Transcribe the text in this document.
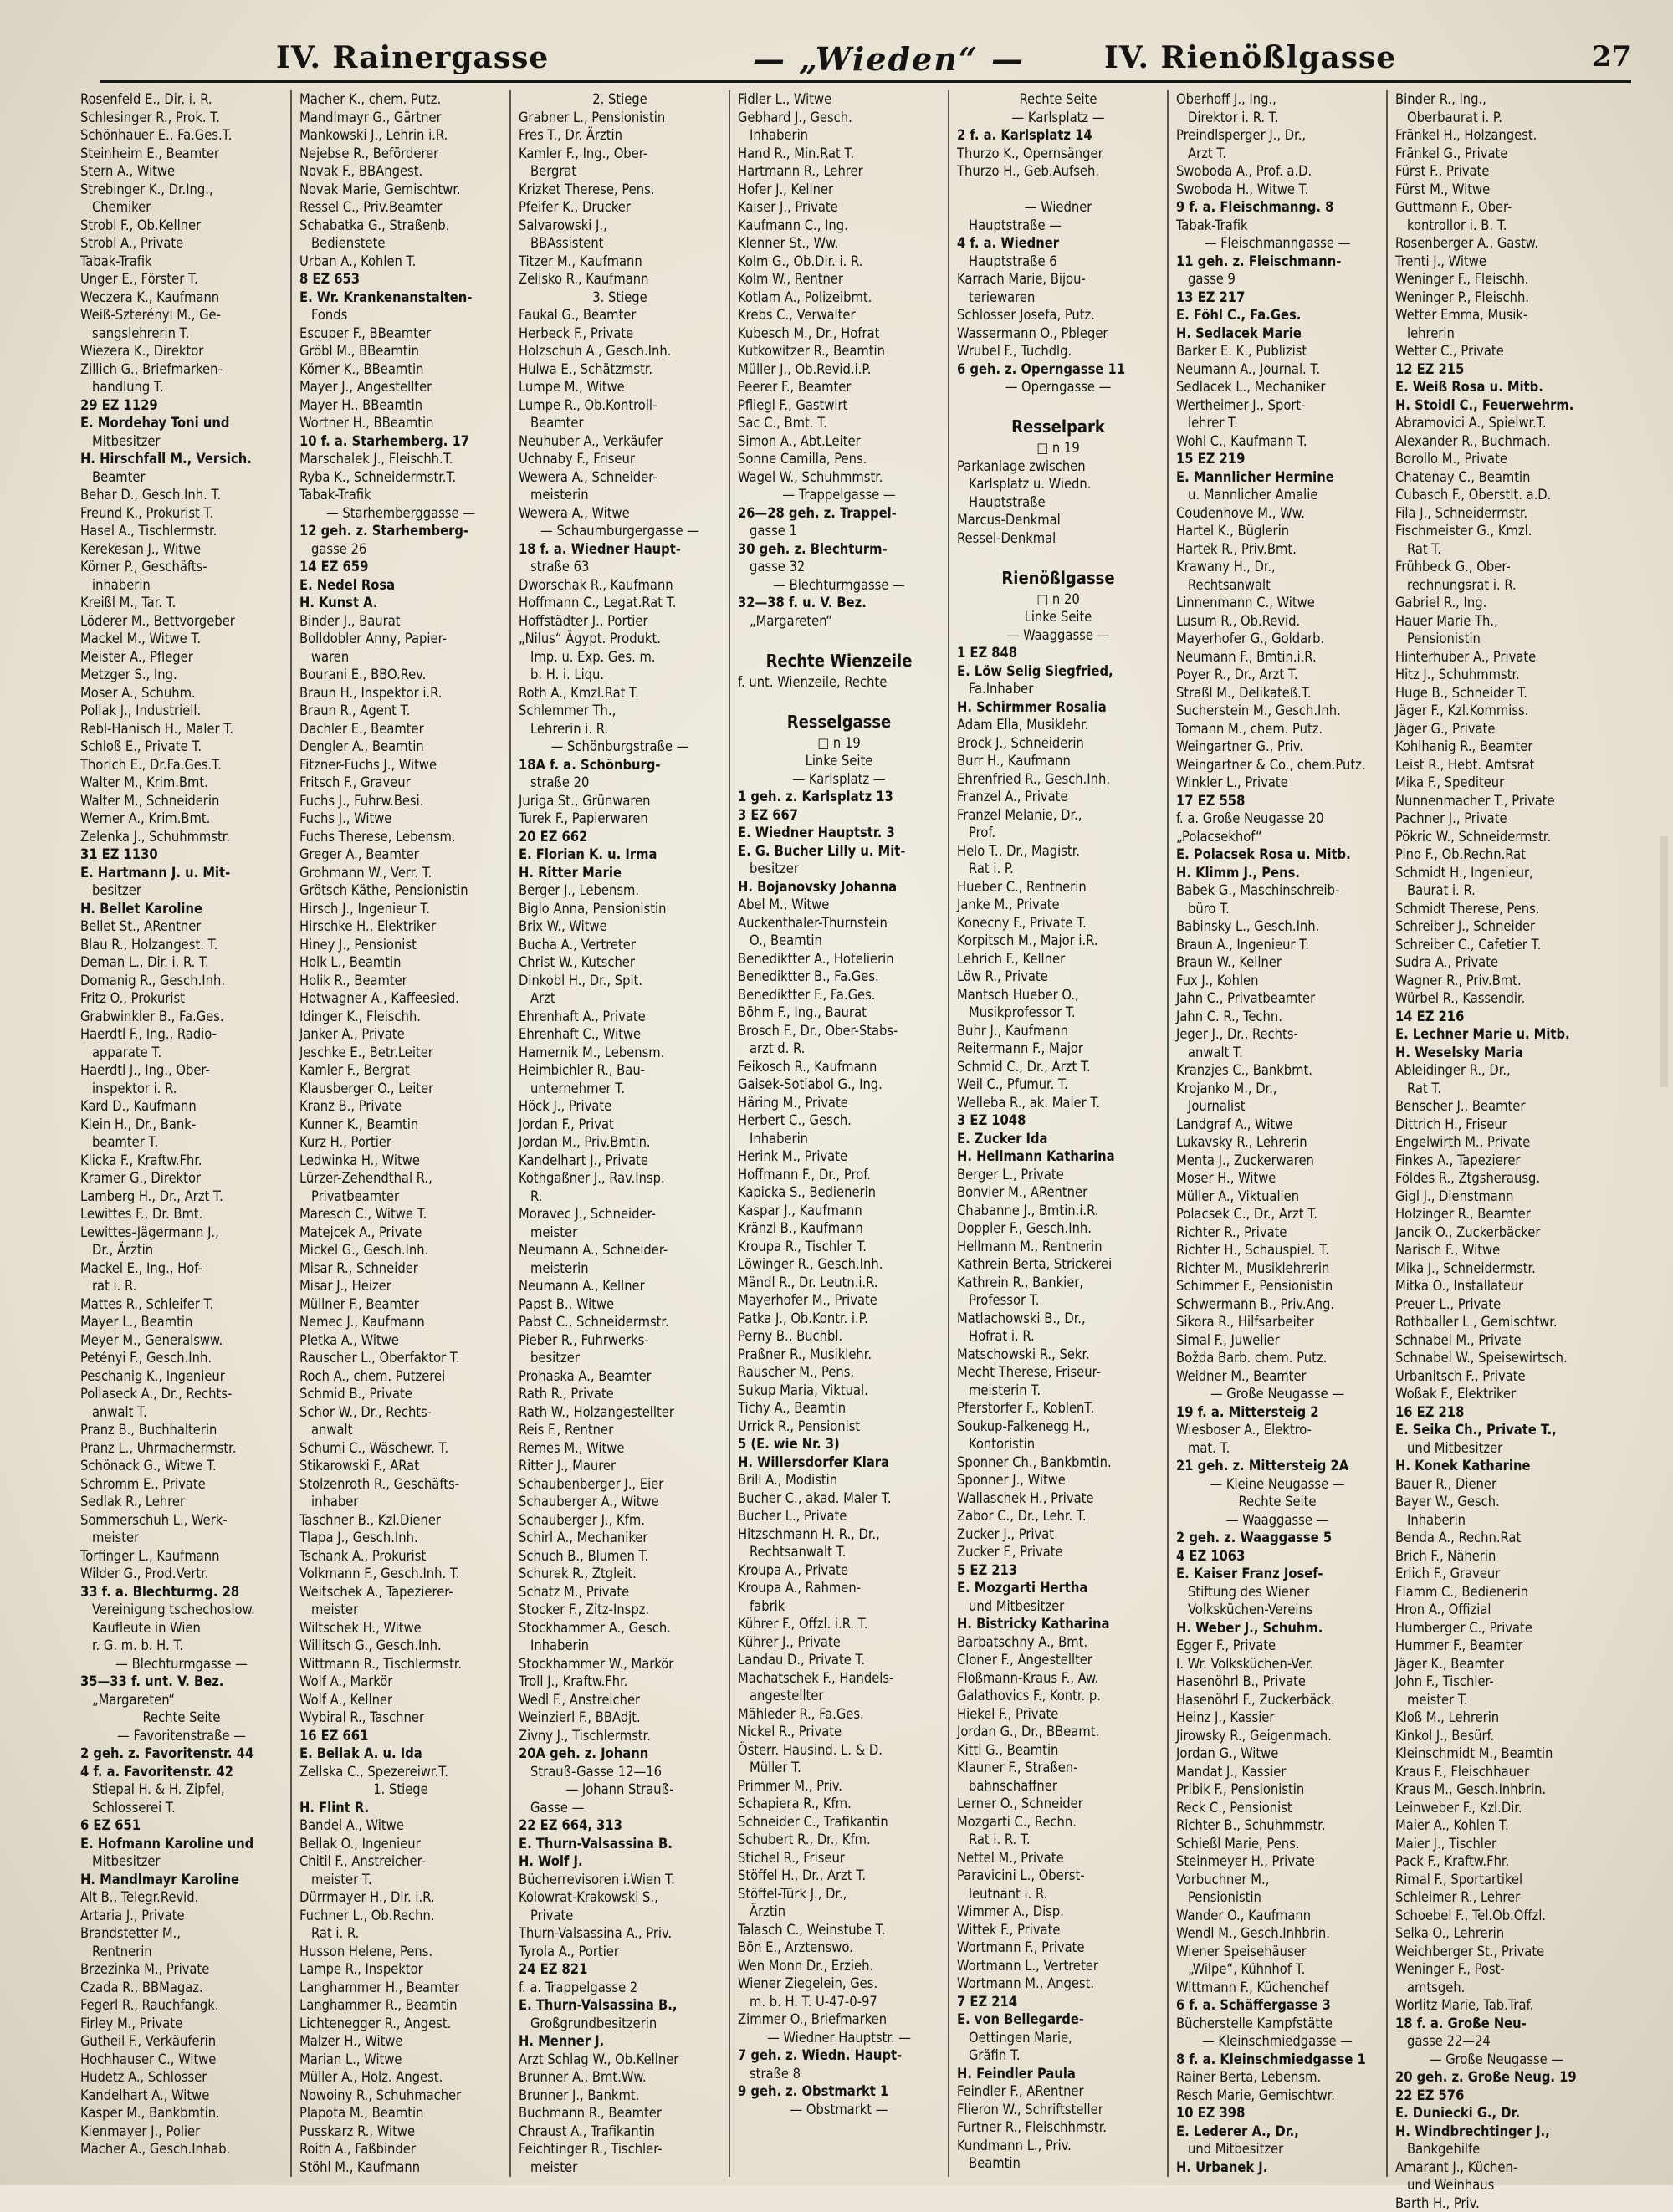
IV. Rainergasse	— „Wieden“ —	IV. Rienößlgasse	27
Rosenfeld E., Dir. i. R.
Schlesinger R., Prok. T.
Schönhauer E., Fa.Ges.T.
Steinheim E., Beamter
Stern A., Witwe
Strebinger K., Dr.Ing.,
Chemiker
Strobl F., Ob.Kellner
Strobl A., Private
Tabak-Trafik
Unger E., Förster T.
Weczera K., Kaufmann
Weiß-Szterényi M., Ge-
sangslehrerin T.
Wiezera K., Direktor
Zillich G., Briefmarken-
handlung T.
29 EZ 1129
E. Mordehay Toni und
Mitbesitzer
H. Hirschfall M., Versich.
Beamter
Behar D., Gesch.Inh. T.
Freund K., Prokurist T.
Hasel A., Tischlermstr.
Kerekesan J., Witwe
Körner P., Geschäfts-
inhaberin
Kreißl M., Tar. T.
Löderer M., Bettvorgeber
Mackel M., Witwe T.
Meister A., Pfleger
Metzger S., Ing.
Moser A., Schuhm.
Pollak J., Industriell.
Rebl-Hanisch H., Maler T.
Schloß E., Private T.
Thorich E., Dr.Fa.Ges.T.
Walter M., Krim.Bmt.
Walter M., Schneiderin
Werner A., Krim.Bmt.
Zelenka J., Schuhmmstr.
31 EZ 1130
E. Hartmann J. u. Mit-
besitzer
H. Bellet Karoline
Bellet St., ARentner
Blau R., Holzangest. T.
Deman L., Dir. i. R. T.
Domanig R., Gesch.Inh.
Fritz O., Prokurist
Grabwinkler B., Fa.Ges.
Haerdtl F., Ing., Radio-
apparate T.
Haerdtl J., Ing., Ober-
inspektor i. R.
Kard D., Kaufmann
Klein H., Dr., Bank-
beamter T.
Klicka F., Kraftw.Fhr.
Kramer G., Direktor
Lamberg H., Dr., Arzt T.
Lewittes F., Dr. Bmt.
Lewittes-Jägermann J.,
Dr., Ärztin
Mackel E., Ing., Hof-
rat i. R.
Mattes R., Schleifer T.
Mayer L., Beamtin
Meyer M., Generalsww.
Petényi F., Gesch.Inh.
Peschanig K., Ingenieur
Pollaseck A., Dr., Rechts-
anwalt T.
Pranz B., Buchhalterin
Pranz L., Uhrmachermstr.
Schönack G., Witwe T.
Schromm E., Private
Sedlak R., Lehrer
Sommerschuh L., Werk-
meister
Torfinger L., Kaufmann
Wilder G., Prod.Vertr.
33 f. a. Blechturmg. 28
Vereinigung tschechoslow.
Kaufleute in Wien
r. G. m. b. H. T.
— Blechturmgasse —
35—33 f. unt. V. Bez.
„Margareten“
Rechte Seite
— Favoritenstraße —
2 geh. z. Favoritenstr. 44
4 f. a. Favoritenstr. 42
Stiepal H. & H. Zipfel,
Schlosserei T.
6 EZ 651
E. Hofmann Karoline und
Mitbesitzer
H. Mandlmayr Karoline
Alt B., Telegr.Revid.
Artaria J., Private
Brandstetter M.,
Rentnerin
Brzezinka M., Private
Czada R., BBMagaz.
Fegerl R., Rauchfangk.
Firley M., Private
Gutheil F., Verkäuferin
Hochhauser C., Witwe
Hudetz A., Schlosser
Kandelhart A., Witwe
Kasper M., Bankbmtin.
Kienmayer J., Polier
Macher A., Gesch.Inhab.
Macher K., chem. Putz.
Mandlmayr G., Gärtner
Mankowski J., Lehrin i.R.
Nejebse R., Beförderer
Novak F., BBAngest.
Novak Marie, Gemischtwr.
Ressel C., Priv.Beamter
Schabatka G., Straßenb.
Bedienstete
Urban A., Kohlen T.
8 EZ 653
E. Wr. Krankenanstalten-
Fonds
Escuper F., BBeamter
Gröbl M., BBeamtin
Körner K., BBeamtin
Mayer J., Angestellter
Mayer H., BBeamtin
Wortner H., BBeamtin
10 f. a. Starhemberg. 17
Marschalek J., Fleischh.T.
Ryba K., Schneidermstr.T.
Tabak-Trafik
— Starhemberggasse —
12 geh. z. Starhemberg-
gasse 26
14 EZ 659
E. Nedel Rosa
H. Kunst A.
Binder J., Baurat
Bolldobler Anny, Papier-
waren
Bourani E., BBO.Rev.
Braun H., Inspektor i.R.
Braun R., Agent T.
Dachler E., Beamter
Dengler A., Beamtin
Fitzner-Fuchs J., Witwe
Fritsch F., Graveur
Fuchs J., Fuhrw.Besi.
Fuchs J., Witwe
Fuchs Therese, Lebensm.
Greger A., Beamter
Grohmann W., Verr. T.
Grötsch Käthe, Pensionistin
Hirsch J., Ingenieur T.
Hirschke H., Elektriker
Hiney J., Pensionist
Holk L., Beamtin
Holik R., Beamter
Hotwagner A., Kaffeesied.
Idinger K., Fleischh.
Janker A., Private
Jeschke E., Betr.Leiter
Kamler F., Bergrat
Klausberger O., Leiter
Kranz B., Private
Kunner K., Beamtin
Kurz H., Portier
Ledwinka H., Witwe
Lürzer-Zehendthal R.,
Privatbeamter
Maresch C., Witwe T.
Matejcek A., Private
Mickel G., Gesch.Inh.
Misar R., Schneider
Misar J., Heizer
Müllner F., Beamter
Nemec J., Kaufmann
Pletka A., Witwe
Rauscher L., Oberfaktor T.
Roch A., chem. Putzerei
Schmid B., Private
Schor W., Dr., Rechts-
anwalt
Schumi C., Wäschewr. T.
Stikarowski F., ARat
Stolzenroth R., Geschäfts-
inhaber
Taschner B., Kzl.Diener
Tlapa J., Gesch.Inh.
Tschank A., Prokurist
Volkmann F., Gesch.Inh. T.
Weitschek A., Tapezierer-
meister
Wiltschek H., Witwe
Willitsch G., Gesch.Inh.
Wittmann R., Tischlermstr.
Wolf A., Markör
Wolf A., Kellner
Wybiral R., Taschner
16 EZ 661
E. Bellak A. u. Ida
Zellska C., Spezereiwr.T.
1. Stiege
H. Flint R.
Bandel A., Witwe
Bellak O., Ingenieur
Chitil F., Anstreicher-
meister T.
Dürrmayer H., Dir. i.R.
Fuchner L., Ob.Rechn.
Rat i. R.
Husson Helene, Pens.
Lampe R., Inspektor
Langhammer H., Beamter
Langhammer R., Beamtin
Lichtenegger R., Angest.
Malzer H., Witwe
Marian L., Witwe
Müller A., Holz. Angest.
Nowoiny R., Schuhmacher
Plapota M., Beamtin
Pusskarz R., Witwe
Roith A., Faßbinder
Stöhl M., Kaufmann
2. Stiege
Grabner L., Pensionistin
Fres T., Dr. Ärztin
Kamler F., Ing., Ober-
Bergrat
Krizket Therese, Pens.
Pfeifer K., Drucker
Salvarowski J.,
BBAssistent
Titzer M., Kaufmann
Zelisko R., Kaufmann
3. Stiege
Faukal G., Beamter
Herbeck F., Private
Holzschuh A., Gesch.Inh.
Hulwa E., Schätzmstr.
Lumpe M., Witwe
Lumpe R., Ob.Kontroll-
Beamter
Neuhuber A., Verkäufer
Uchnaby F., Friseur
Wewera A., Schneider-
meisterin
Wewera A., Witwe
— Schaumburgergasse —
18 f. a. Wiedner Haupt-
straße 63
Dworschak R., Kaufmann
Hoffmann C., Legat.Rat T.
Hoffstädter J., Portier
„Nilus“ Ägypt. Produkt.
Imp. u. Exp. Ges. m.
b. H. i. Liqu.
Roth A., Kmzl.Rat T.
Schlemmer Th.,
Lehrerin i. R.
— Schönburgstraße —
18A f. a. Schönburg-
straße 20
Juriga St., Grünwaren
Turek F., Papierwaren
20 EZ 662
E. Florian K. u. Irma
H. Ritter Marie
Berger J., Lebensm.
Biglo Anna, Pensionistin
Brix W., Witwe
Bucha A., Vertreter
Christ W., Kutscher
Dinkobl H., Dr., Spit.
Arzt
Ehrenhaft A., Private
Ehrenhaft C., Witwe
Hamernik M., Lebensm.
Heimbichler R., Bau-
unternehmer T.
Höck J., Private
Jordan F., Privat
Jordan M., Priv.Bmtin.
Kandelhart J., Private
Kothgaßner J., Rav.Insp.
R.
Moravec J., Schneider-
meister
Neumann A., Schneider-
meisterin
Neumann A., Kellner
Papst B., Witwe
Pabst C., Schneidermstr.
Pieber R., Fuhrwerks-
besitzer
Prohaska A., Beamter
Rath R., Private
Rath W., Holzangestellter
Reis F., Rentner
Remes M., Witwe
Ritter J., Maurer
Schaubenberger J., Eier
Schauberger A., Witwe
Schauberger J., Kfm.
Schirl A., Mechaniker
Schuch B., Blumen T.
Schurek R., Ztgleit.
Schatz M., Private
Stocker F., Zitz-Inspz.
Stockhammer A., Gesch.
Inhaberin
Stockhammer W., Markör
Troll J., Kraftw.Fhr.
Wedl F., Anstreicher
Weinzierl F., BBAdjt.
Zivny J., Tischlermstr.
20A geh. z. Johann
Strauß-Gasse 12—16
— Johann Strauß-
Gasse —
22 EZ 664, 313
E. Thurn-Valsassina B.
H. Wolf J.
Bücherrevisoren i.Wien T.
Kolowrat-Krakowski S.,
Private
Thurn-Valsassina A., Priv.
Tyrola A., Portier
24 EZ 821
f. a. Trappelgasse 2
E. Thurn-Valsassina B.,
Großgrundbesitzerin
H. Menner J.
Arzt Schlag W., Ob.Kellner
Brunner A., Bmt.Ww.
Brunner J., Bankmt.
Buchmann R., Beamter
Chraust A., Trafikantin
Feichtinger R., Tischler-
meister
Fidler L., Witwe
Gebhard J., Gesch.
Inhaberin
Hand R., Min.Rat T.
Hartmann R., Lehrer
Hofer J., Kellner
Kaiser J., Private
Kaufmann C., Ing.
Klenner St., Ww.
Kolm G., Ob.Dir. i. R.
Kolm W., Rentner
Kotlam A., Polizeibmt.
Krebs C., Verwalter
Kubesch M., Dr., Hofrat
Kutkowitzer R., Beamtin
Müller J., Ob.Revid.i.P.
Peerer F., Beamter
Pfliegl F., Gastwirt
Sac C., Bmt. T.
Simon A., Abt.Leiter
Sonne Camilla, Pens.
Wagel W., Schuhmmstr.
— Trappelgasse —
26—28 geh. z. Trappel-
gasse 1
30 geh. z. Blechturm-
gasse 32
— Blechturmgasse —
32—38 f. u. V. Bez.
„Margareten“
Rechte Wienzeile
f. unt. Wienzeile, Rechte
Resselgasse
□ n 19
Linke Seite
— Karlsplatz —
1 geh. z. Karlsplatz 13
3 EZ 667
E. Wiedner Hauptstr. 3
E. G. Bucher Lilly u. Mit-
besitzer
H. Bojanovsky Johanna
Abel M., Witwe
Auckenthaler-Thurnstein
O., Beamtin
Benediktter A., Hotelierin
Benediktter B., Fa.Ges.
Benediktter F., Fa.Ges.
Böhm F., Ing., Baurat
Brosch F., Dr., Ober-Stabs-
arzt d. R.
Feikosch R., Kaufmann
Gaisek-Sotlabol G., Ing.
Häring M., Private
Herbert C., Gesch.
Inhaberin
Herink M., Private
Hoffmann F., Dr., Prof.
Kapicka S., Bedienerin
Kaspar J., Kaufmann
Kränzl B., Kaufmann
Kroupa R., Tischler T.
Löwinger R., Gesch.Inh.
Mändl R., Dr. Leutn.i.R.
Mayerhofer M., Private
Patka J., Ob.Kontr. i.P.
Perny B., Buchbl.
Praßner R., Musiklehr.
Rauscher M., Pens.
Sukup Maria, Viktual.
Tichy A., Beamtin
Urrick R., Pensionist
5 (E. wie Nr. 3)
H. Willersdorfer Klara
Brill A., Modistin
Bucher C., akad. Maler T.
Bucher L., Private
Hitzschmann H. R., Dr.,
Rechtsanwalt T.
Kroupa A., Private
Kroupa A., Rahmen-
fabrik
Kührer F., Offzl. i.R. T.
Kührer J., Private
Landau D., Private T.
Machatschek F., Handels-
angestellter
Mähleder R., Fa.Ges.
Nickel R., Private
Österr. Hausind. L. & D.
Müller T.
Primmer M., Priv.
Schapiera R., Kfm.
Schneider C., Trafikantin
Schubert R., Dr., Kfm.
Stichel R., Friseur
Stöffel H., Dr., Arzt T.
Stöffel-Türk J., Dr.,
Ärztin
Talasch C., Weinstube T.
Bön E., Arztenswo.
Wen Monn Dr., Erzieh.
Wiener Ziegelein, Ges.
m. b. H. T. U-47-0-97
Zimmer O., Briefmarken
— Wiedner Hauptstr. —
7 geh. z. Wiedn. Haupt-
straße 8
9 geh. z. Obstmarkt 1
— Obstmarkt —
Rechte Seite
— Karlsplatz —
2 f. a. Karlsplatz 14
Thurzo K., Opernsänger
Thurzo H., Geb.Aufseh.
— Wiedner
Hauptstraße —
4 f. a. Wiedner
Hauptstraße 6
Karrach Marie, Bijou-
teriewaren
Schlosser Josefa, Putz.
Wassermann O., Pbleger
Wrubel F., Tuchdlg.
6 geh. z. Operngasse 11
— Operngasse —
Resselpark
□ n 19
Parkanlage zwischen
Karlsplatz u. Wiedn.
Hauptstraße
Marcus-Denkmal
Ressel-Denkmal
Rienößlgasse
□ n 20
Linke Seite
— Waaggasse —
1 EZ 848
E. Löw Selig Siegfried,
Fa.Inhaber
H. Schirmmer Rosalia
Adam Ella, Musiklehr.
Brock J., Schneiderin
Burr H., Kaufmann
Ehrenfried R., Gesch.Inh.
Franzel A., Private
Franzel Melanie, Dr.,
Prof.
Helo T., Dr., Magistr.
Rat i. P.
Hueber C., Rentnerin
Janke M., Private
Konecny F., Private T.
Korpitsch M., Major i.R.
Lehrich F., Kellner
Löw R., Private
Mantsch Hueber O.,
Musikprofessor T.
Buhr J., Kaufmann
Reitermann F., Major
Schmid C., Dr., Arzt T.
Weil C., Pfumur. T.
Welleba R., ak. Maler T.
3 EZ 1048
E. Zucker Ida
H. Hellmann Katharina
Berger L., Private
Bonvier M., ARentner
Chabanne J., Bmtin.i.R.
Doppler F., Gesch.Inh.
Hellmann M., Rentnerin
Kathrein Berta, Strickerei
Kathrein R., Bankier,
Professor T.
Matlachowski B., Dr.,
Hofrat i. R.
Matschowski R., Sekr.
Mecht Therese, Friseur-
meisterin T.
Pferstorfer F., KoblenT.
Soukup-Falkenegg H.,
Kontoristin
Sponner Ch., Bankbmtin.
Sponner J., Witwe
Wallaschek H., Private
Zabor C., Dr., Lehr. T.
Zucker J., Privat
Zucker F., Private
5 EZ 213
E. Mozgarti Hertha
und Mitbesitzer
H. Bistricky Katharina
Barbatschny A., Bmt.
Cloner F., Angestellter
Floßmann-Kraus F., Aw.
Galathovics F., Kontr. p.
Hiekel F., Private
Jordan G., Dr., BBeamt.
Kittl G., Beamtin
Klauner F., Straßen-
bahnschaffner
Lerner O., Schneider
Mozgarti C., Rechn.
Rat i. R. T.
Nettel M., Private
Paravicini L., Oberst-
leutnant i. R.
Wimmer A., Disp.
Wittek F., Private
Wortmann F., Private
Wortmann L., Vertreter
Wortmann M., Angest.
7 EZ 214
E. von Bellegarde-
Oettingen Marie,
Gräfin T.
H. Feindler Paula
Feindler F., ARentner
Flieron W., Schriftsteller
Furtner R., Fleischhmstr.
Kundmann L., Priv.
Beamtin
Oberhoff J., Ing.,
Direktor i. R. T.
Preindlsperger J., Dr.,
Arzt T.
Swoboda A., Prof. a.D.
Swoboda H., Witwe T.
9 f. a. Fleischmanng. 8
Tabak-Trafik
— Fleischmanngasse —
11 geh. z. Fleischmann-
gasse 9
13 EZ 217
E. Föhl C., Fa.Ges.
H. Sedlacek Marie
Barker E. K., Publizist
Neumann A., Journal. T.
Sedlacek L., Mechaniker
Wertheimer J., Sport-
lehrer T.
Wohl C., Kaufmann T.
15 EZ 219
E. Mannlicher Hermine
u. Mannlicher Amalie
Coudenhove M., Ww.
Hartel K., Büglerin
Hartek R., Priv.Bmt.
Krawany H., Dr.,
Rechtsanwalt
Linnenmann C., Witwe
Lusum R., Ob.Revid.
Mayerhofer G., Goldarb.
Neumann F., Bmtin.i.R.
Poyer R., Dr., Arzt T.
Straßl M., Delikateß.T.
Sucherstein M., Gesch.Inh.
Tomann M., chem. Putz.
Weingartner G., Priv.
Weingartner & Co., chem.Putz.
Winkler L., Private
17 EZ 558
f. a. Große Neugasse 20
„Polacsekhof“
E. Polacsek Rosa u. Mitb.
H. Klimm J., Pens.
Babek G., Maschinschreib-
büro T.
Babinsky L., Gesch.Inh.
Braun A., Ingenieur T.
Braun W., Kellner
Fux J., Kohlen
Jahn C., Privatbeamter
Jahn C. R., Techn.
Jeger J., Dr., Rechts-
anwalt T.
Kranzjes C., Bankbmt.
Krojanko M., Dr.,
Journalist
Landgraf A., Witwe
Lukavsky R., Lehrerin
Menta J., Zuckerwaren
Moser H., Witwe
Müller A., Viktualien
Polacsek C., Dr., Arzt T.
Richter R., Private
Richter H., Schauspiel. T.
Richter M., Musiklehrerin
Schimmer F., Pensionistin
Schwermann B., Priv.Ang.
Sikora R., Hilfsarbeiter
Simal F., Juwelier
Božda Barb. chem. Putz.
Weidner M., Beamter
— Große Neugasse —
19 f. a. Mittersteig 2
Wiesboser A., Elektro-
mat. T.
21 geh. z. Mittersteig 2A
— Kleine Neugasse —
Rechte Seite
— Waaggasse —
2 geh. z. Waaggasse 5
4 EZ 1063
E. Kaiser Franz Josef-
Stiftung des Wiener
Volksküchen-Vereins
H. Weber J., Schuhm.
Egger F., Private
I. Wr. Volksküchen-Ver.
Hasenöhrl B., Private
Hasenöhrl F., Zuckerbäck.
Heinz J., Kassier
Jirowsky R., Geigenmach.
Jordan G., Witwe
Mandat J., Kassier
Pribik F., Pensionistin
Reck C., Pensionist
Richter B., Schuhmmstr.
Schießl Marie, Pens.
Steinmeyer H., Private
Vorbuchner M.,
Pensionistin
Wander O., Kaufmann
Wendl M., Gesch.Inhbrin.
Wiener Speisehäuser
„Wilpe“, Kühnhof T.
Wittmann F., Küchenchef
6 f. a. Schäffergasse 3
Bücherstelle Kampfstätte
— Kleinschmiedgasse —
8 f. a. Kleinschmiedgasse 1
Rainer Berta, Lebensm.
Resch Marie, Gemischtwr.
10 EZ 398
E. Lederer A., Dr.,
und Mitbesitzer
H. Urbanek J.
Binder R., Ing.,
Oberbaurat i. P.
Fränkel H., Holzangest.
Fränkel G., Private
Fürst F., Private
Fürst M., Witwe
Guttmann F., Ober-
kontrollor i. B. T.
Rosenberger A., Gastw.
Trenti J., Witwe
Weninger F., Fleischh.
Weninger P., Fleischh.
Wetter Emma, Musik-
lehrerin
Wetter C., Private
12 EZ 215
E. Weiß Rosa u. Mitb.
H. Stoidl C., Feuerwehrm.
Abramovici A., Spielwr.T.
Alexander R., Buchmach.
Borollo M., Private
Chatenay C., Beamtin
Cubasch F., Oberstlt. a.D.
Fila J., Schneidermstr.
Fischmeister G., Kmzl.
Rat T.
Frühbeck G., Ober-
rechnungsrat i. R.
Gabriel R., Ing.
Hauer Marie Th.,
Pensionistin
Hinterhuber A., Private
Hitz J., Schuhmmstr.
Huge B., Schneider T.
Jäger F., Kzl.Kommiss.
Jäger G., Private
Kohlhanig R., Beamter
Leist R., Hebt. Amtsrat
Mika F., Spediteur
Nunnenmacher T., Private
Pachner J., Private
Pökric W., Schneidermstr.
Pino F., Ob.Rechn.Rat
Schmidt H., Ingenieur,
Baurat i. R.
Schmidt Therese, Pens.
Schreiber J., Schneider
Schreiber C., Cafetier T.
Sudra A., Private
Wagner R., Priv.Bmt.
Würbel R., Kassendir.
14 EZ 216
E. Lechner Marie u. Mitb.
H. Weselsky Maria
Ableidinger R., Dr.,
Rat T.
Benscher J., Beamter
Dittrich H., Friseur
Engelwirth M., Private
Finkes A., Tapezierer
Földes R., Ztgsherausg.
Gigl J., Dienstmann
Holzinger R., Beamter
Jancik O., Zuckerbäcker
Narisch F., Witwe
Mika J., Schneidermstr.
Mitka O., Installateur
Preuer L., Private
Rothballer L., Gemischtwr.
Schnabel M., Private
Schnabel W., Speisewirtsch.
Urbanitsch F., Private
Woßak F., Elektriker
16 EZ 218
E. Seika Ch., Private T.,
und Mitbesitzer
H. Konek Katharine
Bauer R., Diener
Bayer W., Gesch.
Inhaberin
Benda A., Rechn.Rat
Brich F., Näherin
Erlich F., Graveur
Flamm C., Bedienerin
Hron A., Offizial
Humberger C., Private
Hummer F., Beamter
Jäger K., Beamter
John F., Tischler-
meister T.
Kloß M., Lehrerin
Kinkol J., Besürf.
Kleinschmidt M., Beamtin
Kraus F., Fleischhauer
Kraus M., Gesch.Inhbrin.
Leinweber F., Kzl.Dir.
Maier A., Kohlen T.
Maier J., Tischler
Pack F., Kraftw.Fhr.
Rimal F., Sportartikel
Schleimer R., Lehrer
Schoebel F., Tel.Ob.Offzl.
Selka O., Lehrerin
Weichberger St., Private
Weninger F., Post-
amtsgeh.
Worlitz Marie, Tab.Traf.
18 f. a. Große Neu-
gasse 22—24
— Große Neugasse —
20 geh. z. Große Neug. 19
22 EZ 576
E. Duniecki G., Dr.
H. Windbrechtinger J.,
Bankgehilfe
Amarant J., Küchen-
und Weinhaus
Barth H., Priv.
